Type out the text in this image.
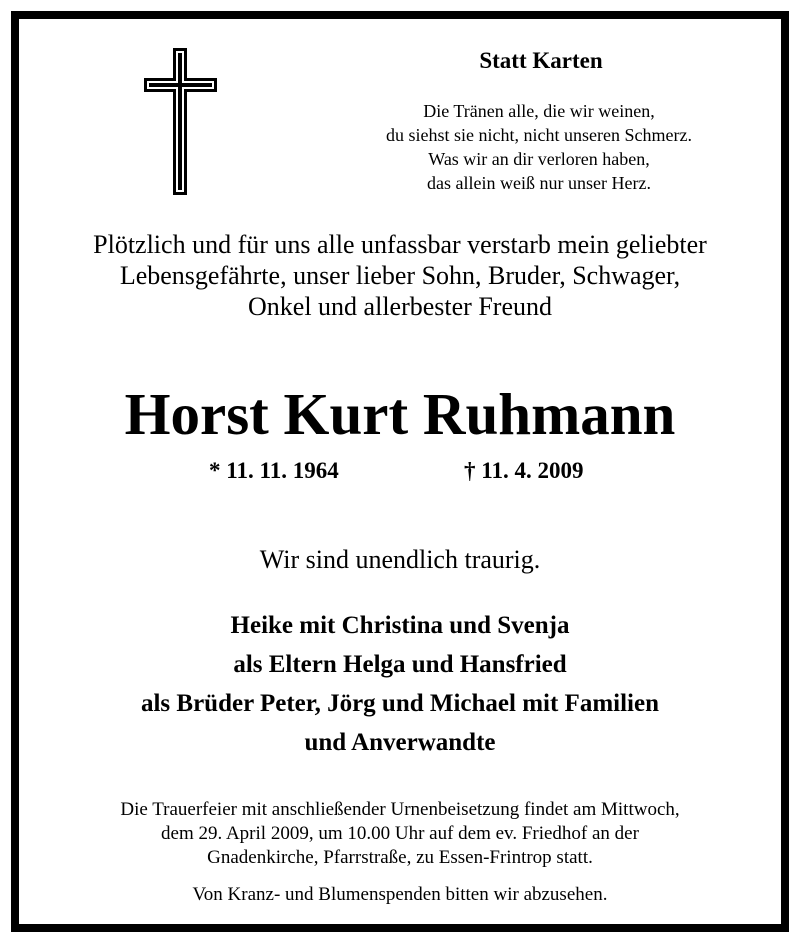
Statt Karten
Die Tränen alle, die wir weinen,
du siehst sie nicht, nicht unseren Schmerz.
Was wir an dir verloren haben,
das allein weiß nur unser Herz.
Plötzlich und für uns alle unfassbar verstarb mein geliebter
Lebensgefährte, unser lieber Sohn, Bruder, Schwager,
Onkel und allerbester Freund
Horst Kurt Ruhmann
* 11. 11. 1964	† 11. 4. 2009
Wir sind unendlich traurig.
Heike mit Christina und Svenja
als Eltern Helga und Hansfried
als Brüder Peter, Jörg und Michael mit Familien
und Anverwandte
Die Trauerfeier mit anschließender Urnenbeisetzung findet am Mittwoch,
dem 29. April 2009, um 10.00 Uhr auf dem ev. Friedhof an der
Gnadenkirche, Pfarrstraße, zu Essen-Frintrop statt.
Von Kranz- und Blumenspenden bitten wir abzusehen.
